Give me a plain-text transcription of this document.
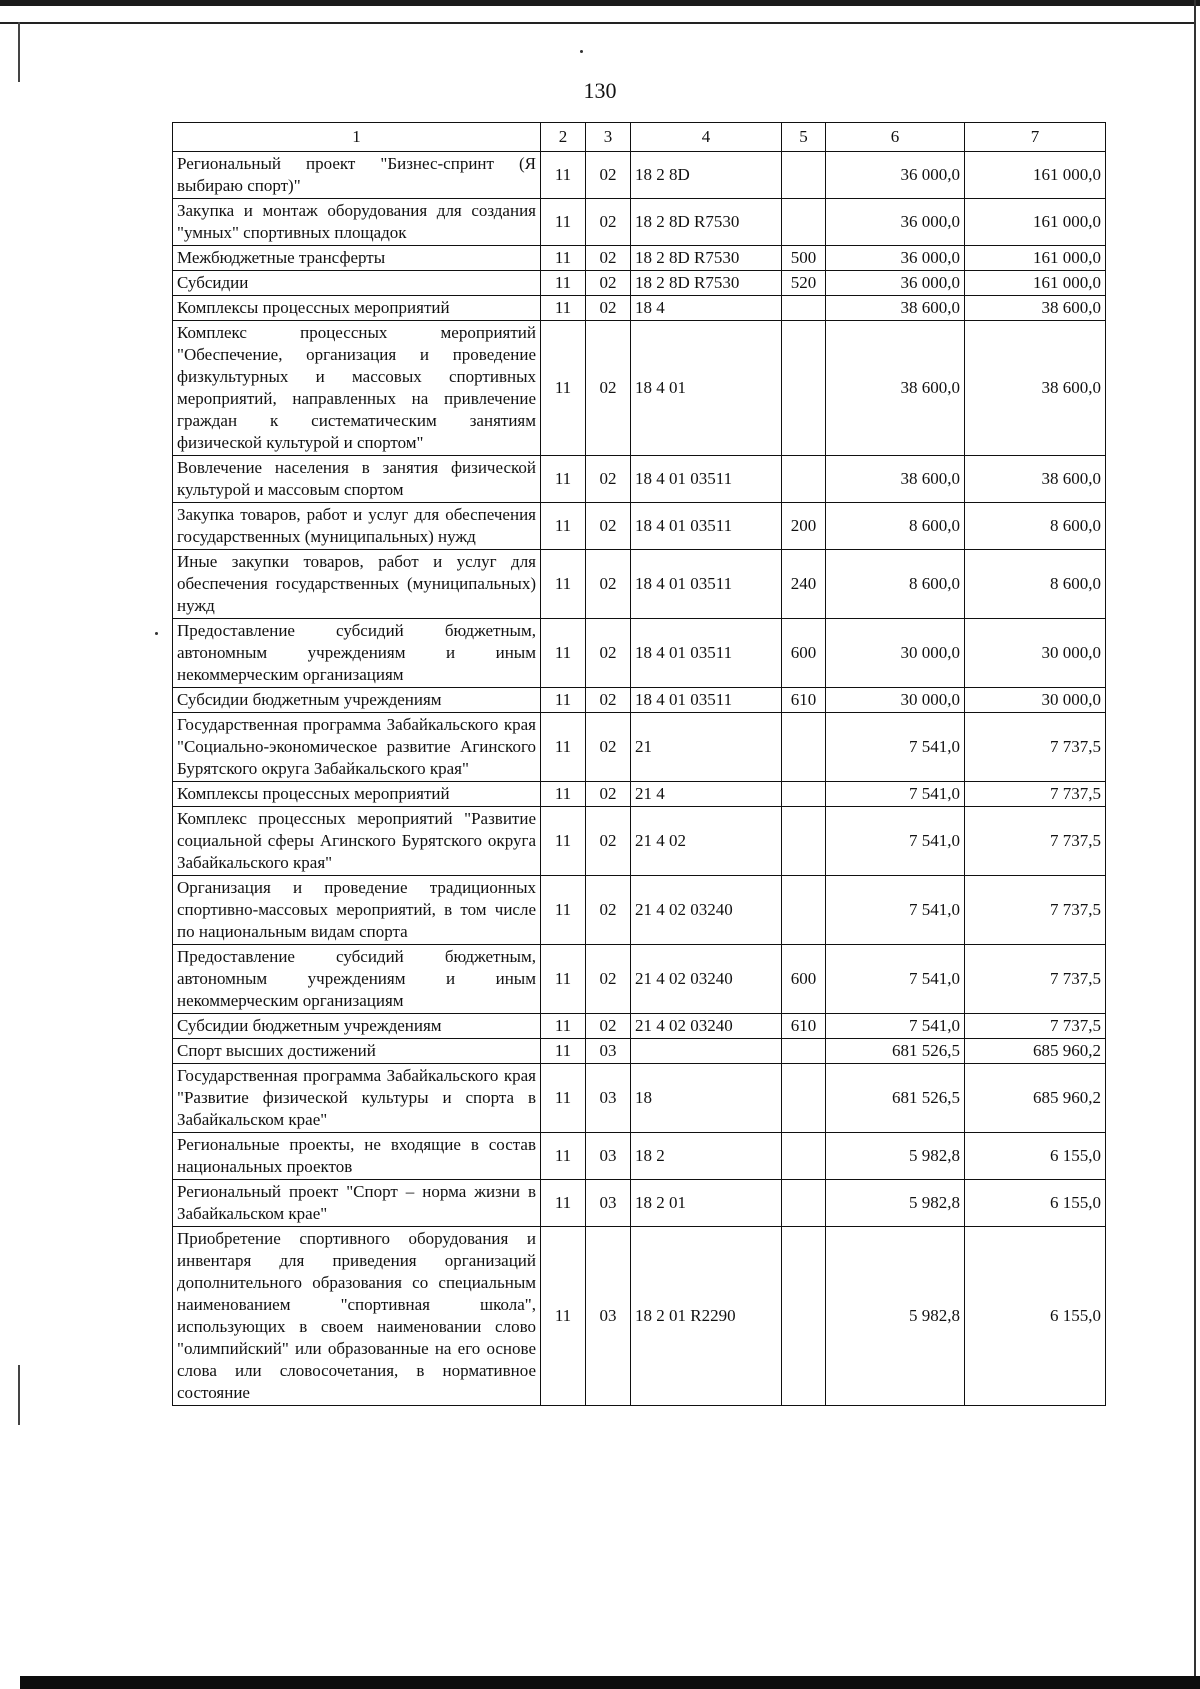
130
1	2	3	4	5	6	7
Региональный проект "Бизнес-спринт (Я выбираю спорт)"	11	02	18 2 8D		36 000,0	161 000,0
Закупка и монтаж оборудования для создания "умных" спортивных площадок	11	02	18 2 8D R7530		36 000,0	161 000,0
Межбюджетные трансферты	11	02	18 2 8D R7530	500	36 000,0	161 000,0
Субсидии	11	02	18 2 8D R7530	520	36 000,0	161 000,0
Комплексы процессных мероприятий	11	02	18 4		38 600,0	38 600,0
Комплекс процессных мероприятий "Обеспечение, организация и проведение физкультурных и массовых спортивных мероприятий, направленных на привлечение граждан к систематическим занятиям физической культурой и спортом"	11	02	18 4 01		38 600,0	38 600,0
Вовлечение населения в занятия физической культурой и массовым спортом	11	02	18 4 01 03511		38 600,0	38 600,0
Закупка товаров, работ и услуг для обеспечения государственных (муниципальных) нужд	11	02	18 4 01 03511	200	8 600,0	8 600,0
Иные закупки товаров, работ и услуг для обеспечения государственных (муниципальных) нужд	11	02	18 4 01 03511	240	8 600,0	8 600,0
Предоставление субсидий бюджетным, автономным учреждениям и иным некоммерческим организациям	11	02	18 4 01 03511	600	30 000,0	30 000,0
Субсидии бюджетным учреждениям	11	02	18 4 01 03511	610	30 000,0	30 000,0
Государственная программа Забайкальского края "Социально-экономическое развитие Агинского Бурятского округа Забайкальского края"	11	02	21		7 541,0	7 737,5
Комплексы процессных мероприятий	11	02	21 4		7 541,0	7 737,5
Комплекс процессных мероприятий "Развитие социальной сферы Агинского Бурятского округа Забайкальского края"	11	02	21 4 02		7 541,0	7 737,5
Организация и проведение традиционных спортивно-массовых мероприятий, в том числе по национальным видам спорта	11	02	21 4 02 03240		7 541,0	7 737,5
Предоставление субсидий бюджетным, автономным учреждениям и иным некоммерческим организациям	11	02	21 4 02 03240	600	7 541,0	7 737,5
Субсидии бюджетным учреждениям	11	02	21 4 02 03240	610	7 541,0	7 737,5
Спорт высших достижений	11	03			681 526,5	685 960,2
Государственная программа Забайкальского края "Развитие физической культуры и спорта в Забайкальском крае"	11	03	18		681 526,5	685 960,2
Региональные проекты, не входящие в состав национальных проектов	11	03	18 2		5 982,8	6 155,0
Региональный проект "Спорт – норма жизни в Забайкальском крае"	11	03	18 2 01		5 982,8	6 155,0
Приобретение спортивного оборудования и инвентаря для приведения организаций дополнительного образования со специальным наименованием "спортивная школа", использующих в своем наименовании слово "олимпийский" или образованные на его основе слова или словосочетания, в нормативное состояние	11	03	18 2 01 R2290		5 982,8	6 155,0
